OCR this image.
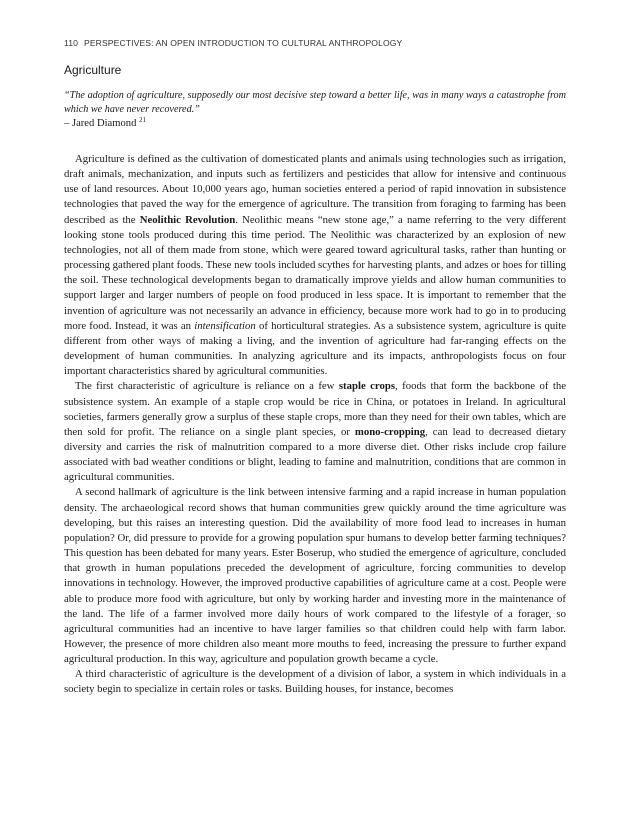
110 PERSPECTIVES: AN OPEN INTRODUCTION TO CULTURAL ANTHROPOLOGY
Agriculture
“The adoption of agriculture, supposedly our most decisive step toward a better life, was in many ways a catastrophe from which we have never recovered.”
– Jared Diamond $^{21}$

Agriculture is defined as the cultivation of domesticated plants and animals using technologies such as irrigation, draft animals, mechanization, and inputs such as fertilizers and pesticides that allow for intensive and continuous use of land resources. About 10,000 years ago, human societies entered a period of rapid innovation in subsistence technologies that paved the way for the emergence of agriculture. The transition from foraging to farming has been described as the Neolithic Revolution. Neolithic means “new stone age,” a name referring to the very different looking stone tools produced during this time period. The Neolithic was characterized by an explosion of new technologies, not all of them made from stone, which were geared toward agricultural tasks, rather than hunting or processing gathered plant foods. These new tools included scythes for harvesting plants, and adzes or hoes for tilling the soil. These technological developments began to dramatically improve yields and allow human communities to support larger and larger numbers of people on food produced in less space. It is important to remember that the invention of agriculture was not necessarily an advance in efficiency, because more work had to go in to producing more food. Instead, it was an intensification of horticultural strategies. As a subsistence system, agriculture is quite different from other ways of making a living, and the invention of agriculture had far-ranging effects on the development of human communities. In analyzing agriculture and its impacts, anthropologists focus on four important characteristics shared by agricultural communities.

The first characteristic of agriculture is reliance on a few staple crops, foods that form the backbone of the subsistence system. An example of a staple crop would be rice in China, or potatoes in Ireland. In agricultural societies, farmers generally grow a surplus of these staple crops, more than they need for their own tables, which are then sold for profit. The reliance on a single plant species, or mono-cropping, can lead to decreased dietary diversity and carries the risk of malnutrition compared to a more diverse diet. Other risks include crop failure associated with bad weather conditions or blight, leading to famine and malnutrition, conditions that are common in agricultural communities.

A second hallmark of agriculture is the link between intensive farming and a rapid increase in human population density. The archaeological record shows that human communities grew quickly around the time agriculture was developing, but this raises an interesting question. Did the availability of more food lead to increases in human population? Or, did pressure to provide for a growing population spur humans to develop better farming techniques? This question has been debated for many years. Ester Boserup, who studied the emergence of agriculture, concluded that growth in human populations preceded the development of agriculture, forcing communities to develop innovations in technology. However, the improved productive capabilities of agriculture came at a cost. People were able to produce more food with agriculture, but only by working harder and investing more in the maintenance of the land. The life of a farmer involved more daily hours of work compared to the lifestyle of a forager, so agricultural communities had an incentive to have larger families so that children could help with farm labor. However, the presence of more children also meant more mouths to feed, increasing the pressure to further expand agricultural production. In this way, agriculture and population growth became a cycle.

A third characteristic of agriculture is the development of a division of labor, a system in which individuals in a society begin to specialize in certain roles or tasks. Building houses, for instance, becomes
